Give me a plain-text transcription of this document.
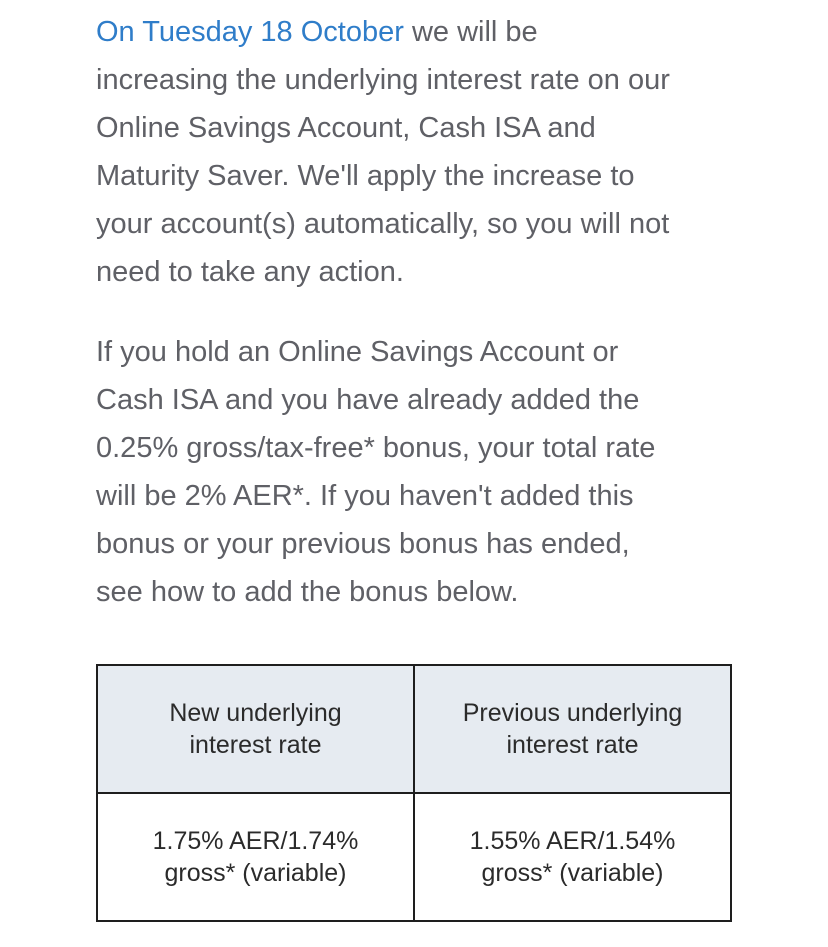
On Tuesday 18 October we will be
increasing the underlying interest rate on our
Online Savings Account, Cash ISA and
Maturity Saver. We'll apply the increase to
your account(s) automatically, so you will not
need to take any action.

If you hold an Online Savings Account or
Cash ISA and you have already added the
0.25% gross/tax-free* bonus, your total rate
will be 2% AER*. If you haven't added this
bonus or your previous bonus has ended,
see how to add the bonus below.

New underlying
interest rate	Previous underlying
interest rate

1.75% AER/1.74%
gross* (variable)	1.55% AER/1.54%
gross* (variable)
